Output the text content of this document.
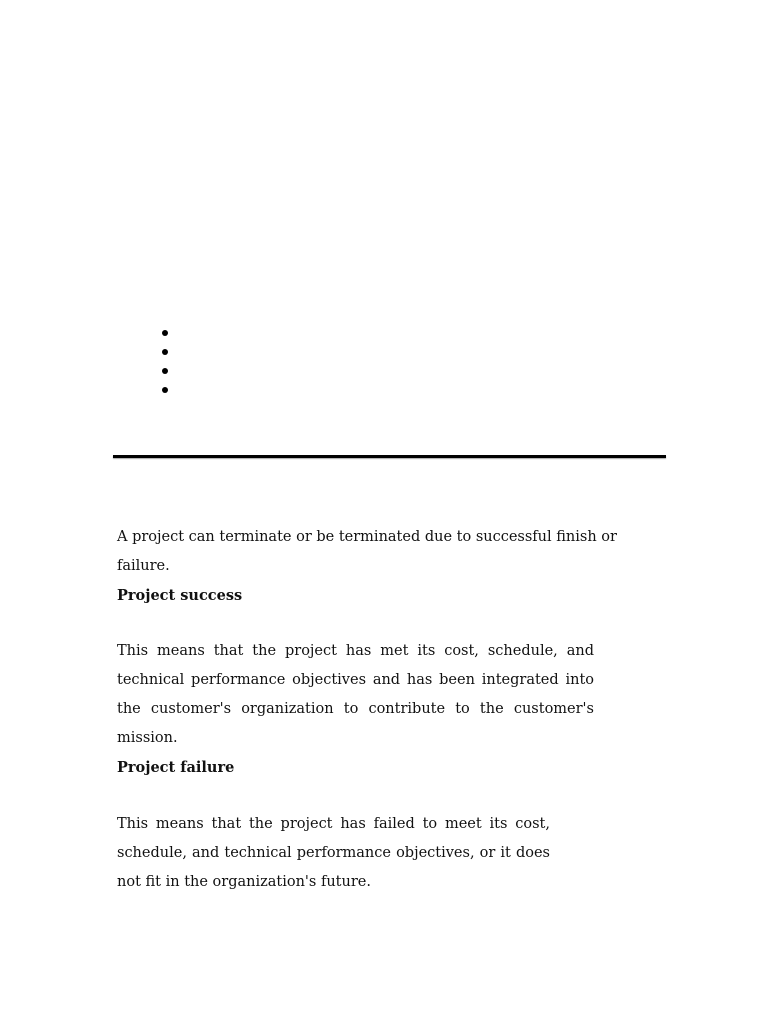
A project can terminate or be terminated due to successful finish or failure.

Project success

This means that the project has met its cost, schedule, and technical performance objectives and has been integrated into the customer's organization to contribute to the customer's mission.

Project failure

This means that the project has failed to meet its cost, schedule, and technical performance objectives, or it does not fit in the organization's future.
